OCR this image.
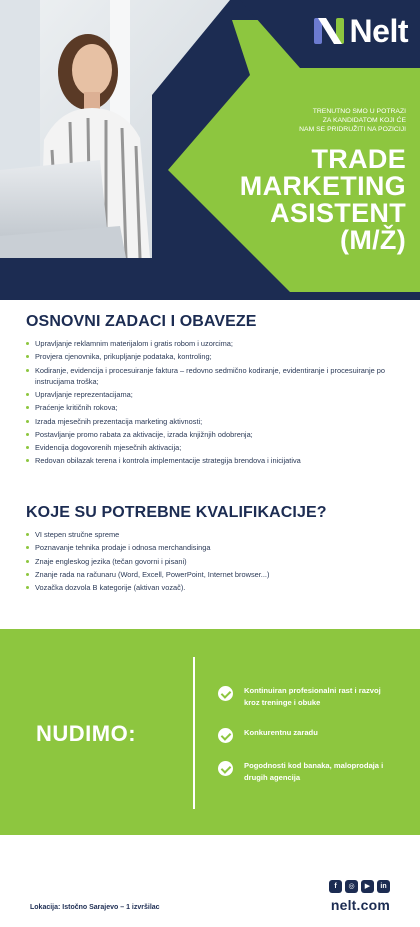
Nelt
TRENUTNO SMO U POTRAZI
ZA KANDIDATOM KOJI ĆE
NAM SE PRIDRUŽITI NA POZICIJI
TRADE
MARKETING
ASISTENT
(M/Ž)
OSNOVNI ZADACI I OBAVEZE
Upravljanje reklamnim materijalom i gratis robom i uzorcima;
Provjera cjenovnika, prikupljanje podataka, kontroling;
Kodiranje, evidencija i procesuiranje faktura – redovno sedmično kodiranje, evidentiranje i procesuiranje po instrucijama troška;
Upravljanje reprezentacijama;
Praćenje kritičnih rokova;
Izrada mjesečnih prezentacija marketing aktivnosti;
Postavljanje promo rabata za aktivacije, izrada knjižnjih odobrenja;
Evidencija dogovorenih mjesečnih aktivacija;
Redovan obilazak terena i kontrola implementacije strategija brendova i inicijativa
KOJE SU POTREBNE KVALIFIKACIJE?
VI stepen stručne spreme
Poznavanje tehnika prodaje i odnosa merchandisinga
Znaje engleskog jezika (tečan govorni i pisani)
Znanje rada na računaru (Word, Excell, PowerPoint, Internet browser...)
Vozačka dozvola B kategorije (aktivan vozač).
NUDIMO:
Kontinuiran profesionalni rast i razvoj kroz treninge i obuke
Konkurentnu zaradu
Pogodnosti kod banaka, maloprodaja i drugih agencija
Lokacija: Istočno Sarajevo – 1 izvršilac
f ◎ ▶ in
nelt.com
